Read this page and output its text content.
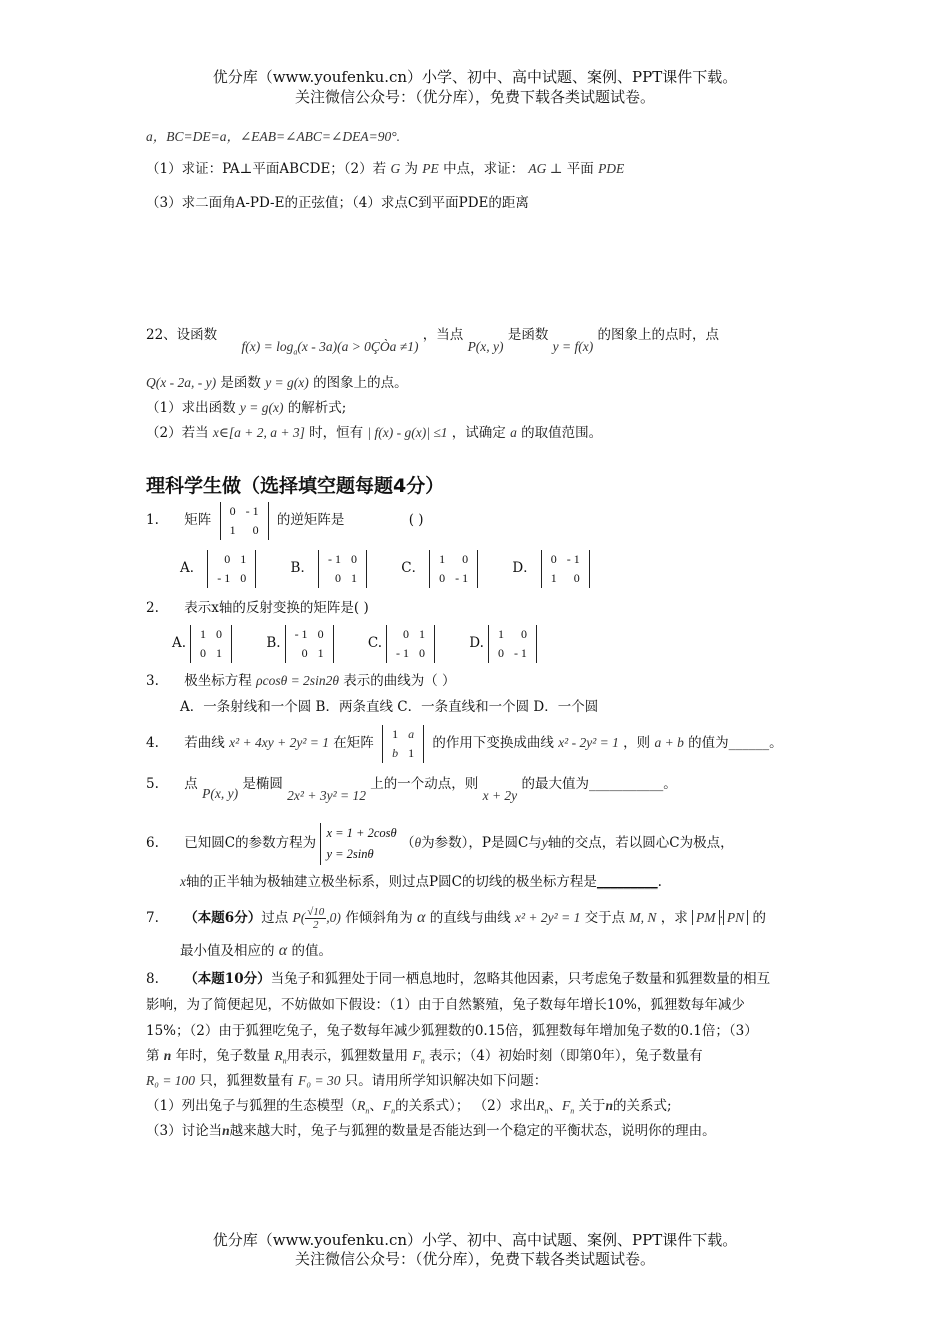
优分库（www.youfenku.cn）小学、初中、高中试题、案例、PPT课件下载。
关注微信公众号：（优分库），免费下载各类试题试卷。
a，BC=DE=a，∠EAB=∠ABC=∠DEA=90°.
（1）求证：PA⊥平面ABCDE；（2）若 G 为 PE 中点，求证： AG ⊥ 平面 PDE
（3）求二面角A-PD-E的正弦值；（4）求点C到平面PDE的距离
22、设函数 $f(x) = \log_a(x - 3a)(a$ > 0ÇÒa ≠1) ，当点 P(x, y) 是函数 y = f(x) 的图象上的点时，点
Q(x - 2a, - y) 是函数 y = g(x) 的图象上的点。
（1）求出函数 y = g(x) 的解析式;
（2）若当 x∈[a + 2, a + 3] 时，恒有 | f(x) - g(x)| ≤1 ，试确定 a 的取值范围。
理科学生做（选择填空题每题4分）
1. 矩阵
0	- 1
1	0
的逆矩阵是	( )
A．
0	1
- 1	0
B．
- 1	0
0	1
C．
1	0
0	- 1
D．
0	- 1
1	0
2. 表示x轴的反射变换的矩阵是( )
A.
1	0
0	1
B.
- 1	0
0	1
C.
0	1
- 1	0
D.
1	0
0	- 1
3. 极坐标方程 ρcosθ = 2sin2θ 表示的曲线为（ ）
A．一条射线和一个圆 B．两条直线 C．一条直线和一个圆 D．一个圆
4. 若曲线 x² + 4xy + 2y² = 1 在矩阵
1	a
b	1
的作用下变换成曲线 x² - 2y² = 1 ，则 a + b 的值为______。
5. 点 P(x, y) 是椭圆 2x² + 3y² = 12 上的一个动点，则 x + 2y 的最大值为___________。
6. 已知圆C的参数方程为 x = 1 + 2cosθ
y = 2sinθ （θ为参数），P是圆C与y轴的交点，若以圆心C为极点，
x轴的正半轴为极轴建立极坐标系，则过点P圆C的切线的极坐标方程是_________.
7. （本题6分）过点 $P(\frac{√10}{2},0)$ 作倾斜角为 α 的直线与曲线 x² + 2y² = 1 交于点 M, N ，求 PM · PN 的
最小值及相应的 α 的值。
8. （本题10分）当兔子和狐狸处于同一栖息地时，忽略其他因素，只考虑兔子数量和狐狸数量的相互
影响，为了简便起见，不妨做如下假设：（1）由于自然繁殖，兔子数每年增长10%，狐狸数每年减少
15%；（2）由于狐狸吃兔子，兔子数每年减少狐狸数的0.15倍，狐狸数每年增加兔子数的0.1倍；（3）
第 n 年时，兔子数量 $R_n$用表示，狐狸数量用 $F_n$ 表示；（4）初始时刻（即第0年），兔子数量有
R₀ = 100 只，狐狸数量有 F₀ = 30 只。请用所学知识解决如下问题：
（1）列出兔子与狐狸的生态模型（$R_n$、$F_n$的关系式）； （2）求出$R_n$、$F_n$ 关于n的关系式;
（3）讨论当n越来越大时，兔子与狐狸的数量是否能达到一个稳定的平衡状态，说明你的理由。
优分库（www.youfenku.cn）小学、初中、高中试题、案例、PPT课件下载。
关注微信公众号：（优分库），免费下载各类试题试卷。
